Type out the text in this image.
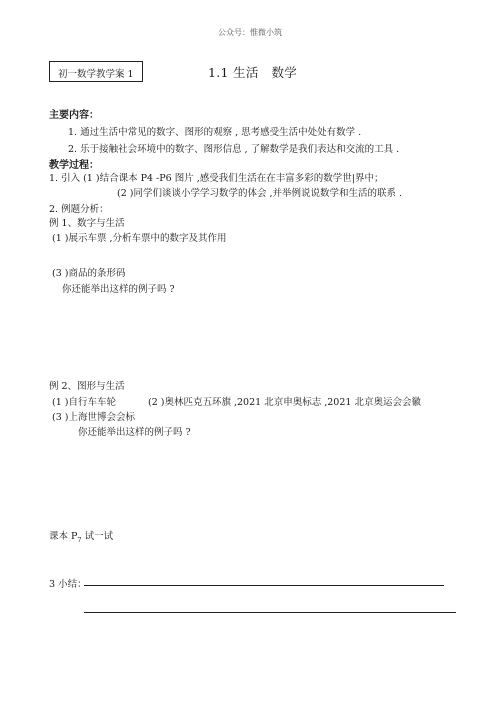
公众号：惟微小筑
初一数学教学案 1	1.1 生活　数学
主要内容：
1. 通过生活中常见的数字、图形的观察 , 思考感受生活中处处有数学 .
2. 乐于接触社会环境中的数字、图形信息 , 了解数学是我们表达和交流的工具 .
教学过程：
1. 引入 (1 )结合课本 P4 -P6 图片 ,感受我们生活在在丰富多彩的数学世|界中；
(2 )同学们谈谈小学学习数学的体会 ,并举例说说数学和生活的联系 .
2. 例题分析：
例 1、数字与生活
(1 )展示车票 ,分析车票中的数字及其作用
(3 )商品的条形码
你还能举出这样的例子吗 ?
例 2、图形与生活
(1 )自行车车轮	(2 )奥林匹克五环旗 ,2021 北京申奥标志 ,2021 北京奥运会会徽
(3 )上海世博会会标
你还能举出这样的例子吗 ?
课本 $P_7$ 试一试
3 小结：
